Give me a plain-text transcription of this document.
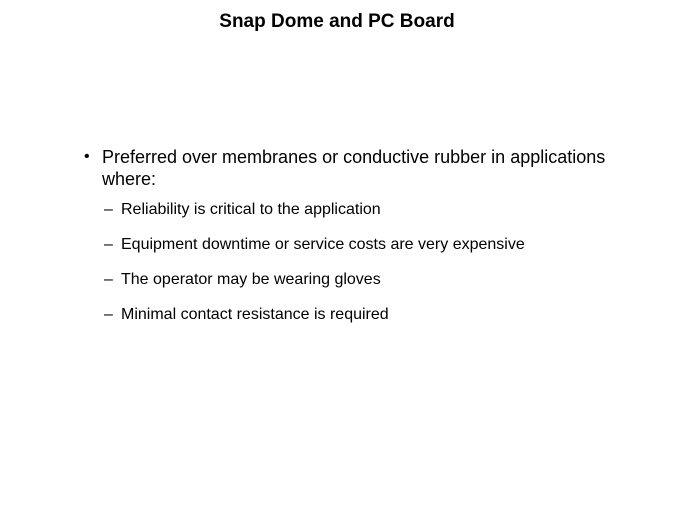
Snap Dome and PC Board
• Preferred over membranes or conductive rubber in applications where:
– Reliability is critical to the application
– Equipment downtime or service costs are very expensive
– The operator may be wearing gloves
– Minimal contact resistance is required
